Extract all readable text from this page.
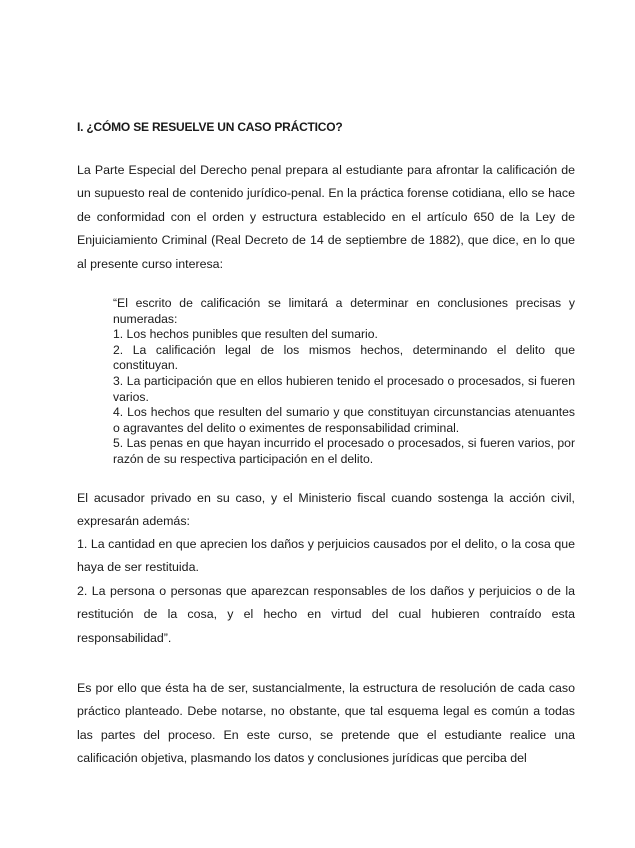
I. ¿CÓMO SE RESUELVE UN CASO PRÁCTICO?

La Parte Especial del Derecho penal prepara al estudiante para afrontar la calificación de un supuesto real de contenido jurídico-penal. En la práctica forense cotidiana, ello se hace de conformidad con el orden y estructura establecido en el artículo 650 de la Ley de Enjuiciamiento Criminal (Real Decreto de 14 de septiembre de 1882), que dice, en lo que al presente curso interesa:

“El escrito de calificación se limitará a determinar en conclusiones precisas y numeradas:
1. Los hechos punibles que resulten del sumario.
2. La calificación legal de los mismos hechos, determinando el delito que constituyan.
3. La participación que en ellos hubieren tenido el procesado o procesados, si fueren varios.
4. Los hechos que resulten del sumario y que constituyan circunstancias atenuantes o agravantes del delito o eximentes de responsabilidad criminal.
5. Las penas en que hayan incurrido el procesado o procesados, si fueren varios, por razón de su respectiva participación en el delito.

El acusador privado en su caso, y el Ministerio fiscal cuando sostenga la acción civil, expresarán además:

1. La cantidad en que aprecien los daños y perjuicios causados por el delito, o la cosa que haya de ser restituida.

2. La persona o personas que aparezcan responsables de los daños y perjuicios o de la restitución de la cosa, y el hecho en virtud del cual hubieren contraído esta responsabilidad”.

Es por ello que ésta ha de ser, sustancialmente, la estructura de resolución de cada caso práctico planteado. Debe notarse, no obstante, que tal esquema legal es común a todas las partes del proceso. En este curso, se pretende que el estudiante realice una calificación objetiva, plasmando los datos y conclusiones jurídicas que perciba del
